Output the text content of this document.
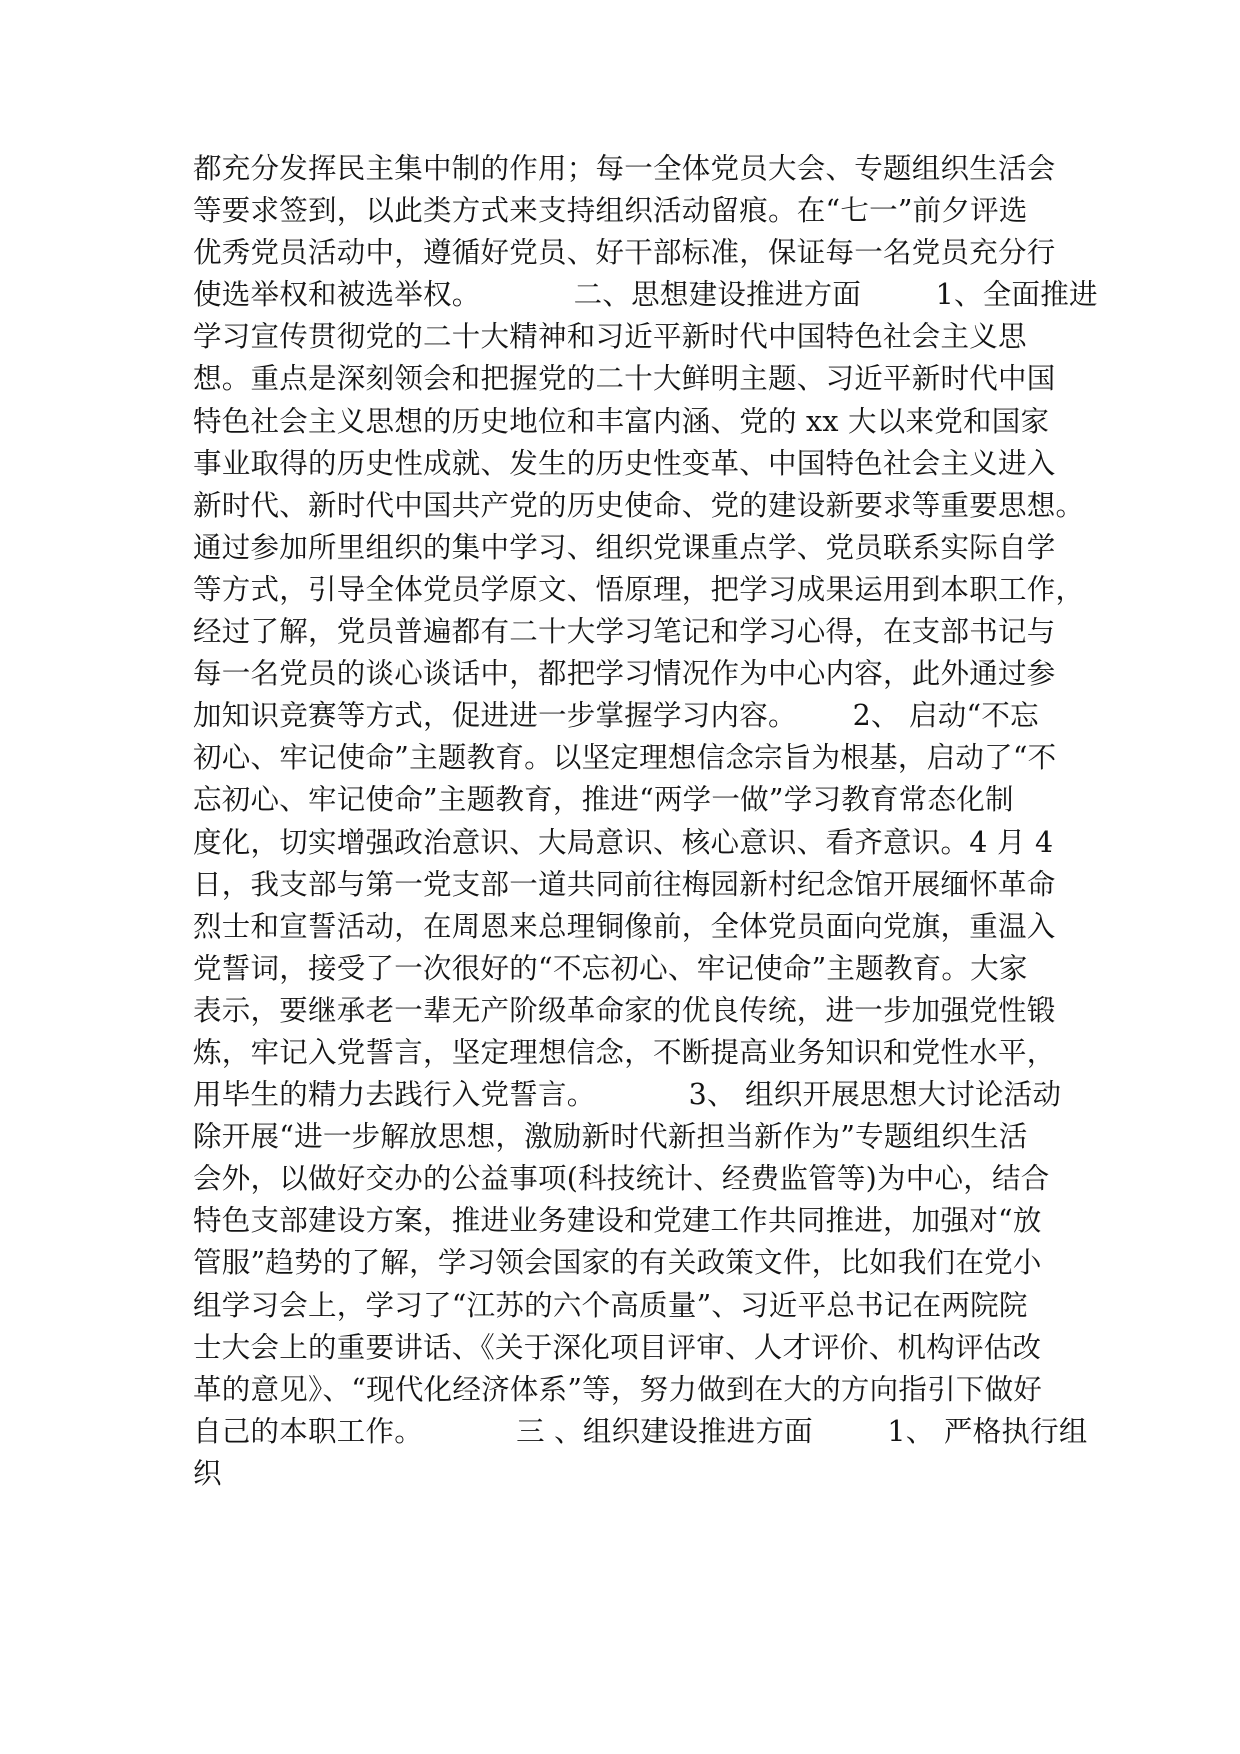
都充分发挥民主集中制的作用；每一全体党员大会、专题组织生活会
等要求签到，以此类方式来支持组织活动留痕。在“七一”前夕评选
优秀党员活动中，遵循好党员、好干部标准，保证每一名党员充分行
使选举权和被选举权。          二、思想建设推进方面        1、全面推进
学习宣传贯彻党的二十大精神和习近平新时代中国特色社会主义思
想。重点是深刻领会和把握党的二十大鲜明主题、习近平新时代中国
特色社会主义思想的历史地位和丰富内涵、党的 xx 大以来党和国家
事业取得的历史性成就、发生的历史性变革、中国特色社会主义进入
新时代、新时代中国共产党的历史使命、党的建设新要求等重要思想。
通过参加所里组织的集中学习、组织党课重点学、党员联系实际自学
等方式，引导全体党员学原文、悟原理，把学习成果运用到本职工作，
经过了解，党员普遍都有二十大学习笔记和学习心得，在支部书记与
每一名党员的谈心谈话中，都把学习情况作为中心内容，此外通过参
加知识竞赛等方式，促进进一步掌握学习内容。      2、 启动“不忘
初心、牢记使命”主题教育。以坚定理想信念宗旨为根基，启动了“不
忘初心、牢记使命”主题教育，推进“两学一做”学习教育常态化制
度化，切实增强政治意识、大局意识、核心意识、看齐意识。4 月 4
日，我支部与第一党支部一道共同前往梅园新村纪念馆开展缅怀革命
烈士和宣誓活动，在周恩来总理铜像前，全体党员面向党旗，重温入
党誓词，接受了一次很好的“不忘初心、牢记使命”主题教育。大家
表示，要继承老一辈无产阶级革命家的优良传统，进一步加强党性锻
炼，牢记入党誓言，坚定理想信念，不断提高业务知识和党性水平，
用毕生的精力去践行入党誓言。          3、 组织开展思想大讨论活动
除开展“进一步解放思想，激励新时代新担当新作为”专题组织生活
会外，以做好交办的公益事项(科技统计、经费监管等)为中心，结合
特色支部建设方案，推进业务建设和党建工作共同推进，加强对“放
管服”趋势的了解，学习领会国家的有关政策文件，比如我们在党小
组学习会上，学习了“江苏的六个高质量”、习近平总书记在两院院
士大会上的重要讲话、《关于深化项目评审、人才评价、机构评估改
革的意见》、“现代化经济体系”等，努力做到在大的方向指引下做好
自己的本职工作。          三 、组织建设推进方面        1、 严格执行组
织
